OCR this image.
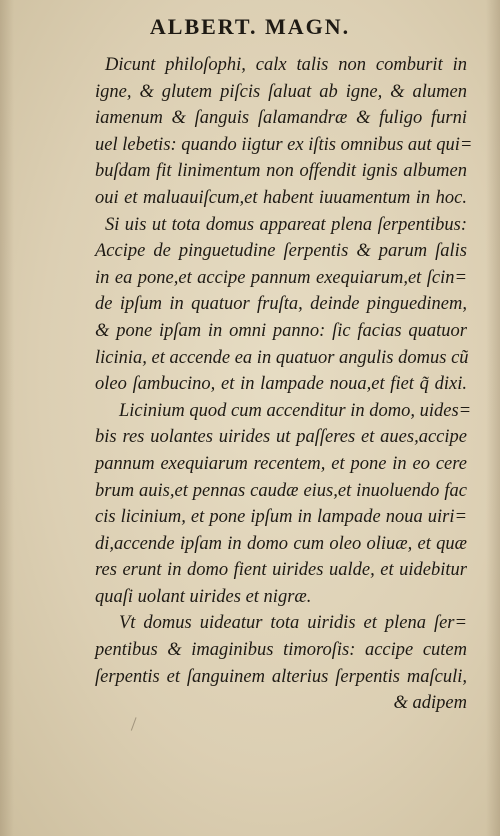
ALBERT. MAGN.
Dicunt philoſophi, calx talis non comburit in
igne, & glutem piſcis ſaluat ab igne, & alumen
iamenum & ſanguis ſalamandræ & fuligo furni
uel lebetis: quando iigtur ex iſtis omnibus aut qui=
buſdam fit linimentum non offendit ignis albumen
oui et maluauiſcum,et habent iuuamentum in hoc.
Si uis ut tota domus appareat plena ſerpentibus:
Accipe de pinguetudine ſerpentis & parum ſalis
in ea pone,et accipe pannum exequiarum,et ſcin=
de ipſum in quatuor fruſta, deinde pinguedinem,
& pone ipſam in omni panno: ſic facias quatuor
licinia, et accende ea in quatuor angulis domus cũ
oleo ſambucino, et in lampade noua,et fiet q̃ dixi.
Licinium quod cum accenditur in domo, uides=
bis res uolantes uirides ut paſſeres et aues,accipe
pannum exequiarum recentem, et pone in eo cere
brum auis,et pennas caudæ eius,et inuoluendo fac
cis licinium, et pone ipſum in lampade noua uiri=
di,accende ipſam in domo cum oleo oliuæ, et quæ
res erunt in domo fient uirides ualde, et uidebitur
quaſi uolant uirides et nigræ.
Vt domus uideatur tota uiridis et plena ſer=
pentibus & imaginibus timoroſis: accipe cutem
ſerpentis et ſanguinem alterius ſerpentis maſculi,
& adipem
